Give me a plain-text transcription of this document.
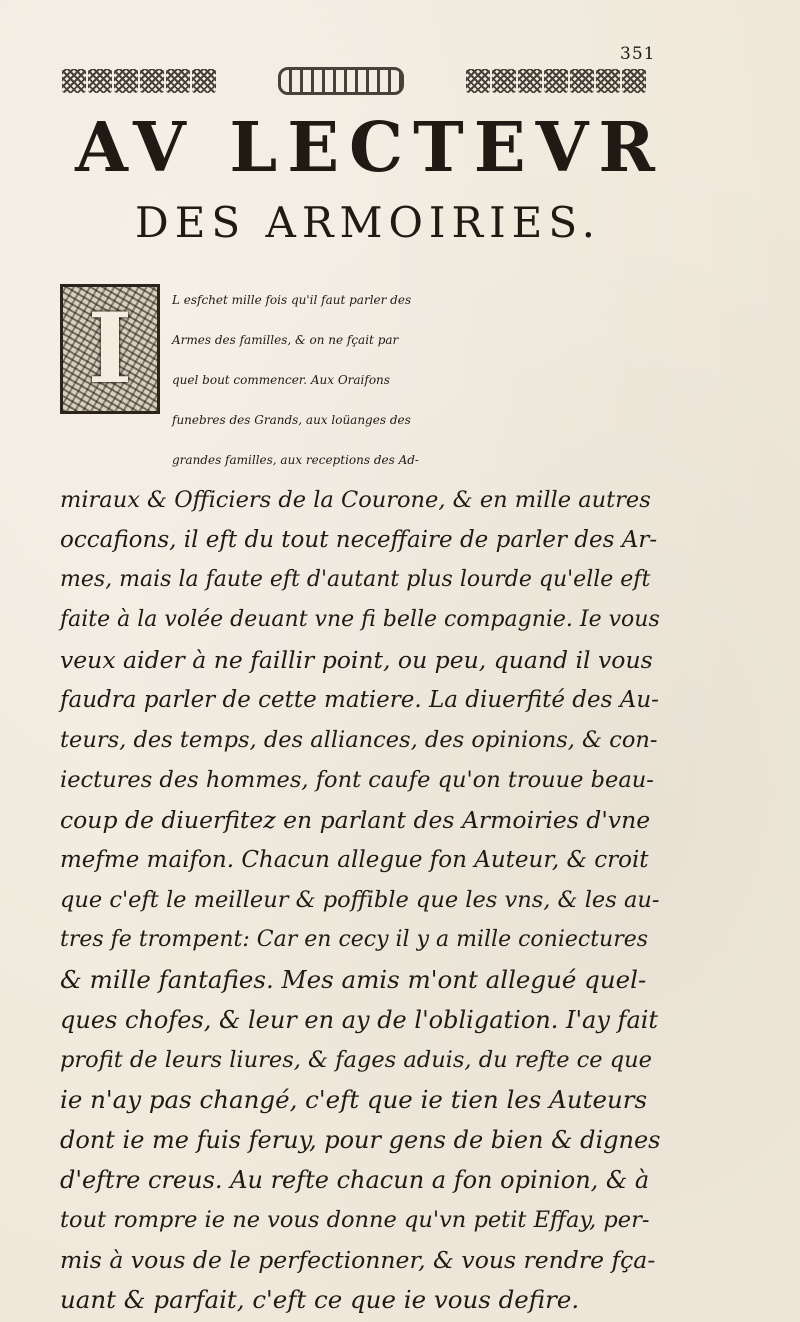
351
AV LECTEVR
DES ARMOIRIES.
I	L esfchet mille fois qu'il faut parler des
Armes des familles, & on ne fçait par
quel bout commencer. Aux Oraifons
funebres des Grands, aux loüanges des
grandes familles, aux receptions des Ad-
miraux & Officiers de la Courone, & en mille autres
occafions, il eft du tout neceffaire de parler des Ar-
mes, mais la faute eft d'autant plus lourde qu'elle eft
faite à la volée deuant vne fi belle compagnie. Ie vous
veux aider à ne faillir point, ou peu, quand il vous
faudra parler de cette matiere. La diuerfité des Au-
teurs, des temps, des alliances, des opinions, & con-
iectures des hommes, font caufe qu'on trouue beau-
coup de diuerfitez en parlant des Armoiries d'vne
mefme maifon. Chacun allegue fon Auteur, & croit
que c'eft le meilleur & poffible que les vns, & les au-
tres fe trompent: Car en cecy il y a mille coniectures
& mille fantafies. Mes amis m'ont allegué quel-
ques chofes, & leur en ay de l'obligation. I'ay fait
profit de leurs liures, & fages aduis, du refte ce que
ie n'ay pas changé, c'eft que ie tien les Auteurs
dont ie me fuis feruy, pour gens de bien & dignes
d'eftre creus. Au refte chacun a fon opinion, & à
tout rompre ie ne vous donne qu'vn petit Effay, per-
mis à vous de le perfectionner, & vous rendre fça-
uant & parfait, c'eft ce que ie vous defire.
